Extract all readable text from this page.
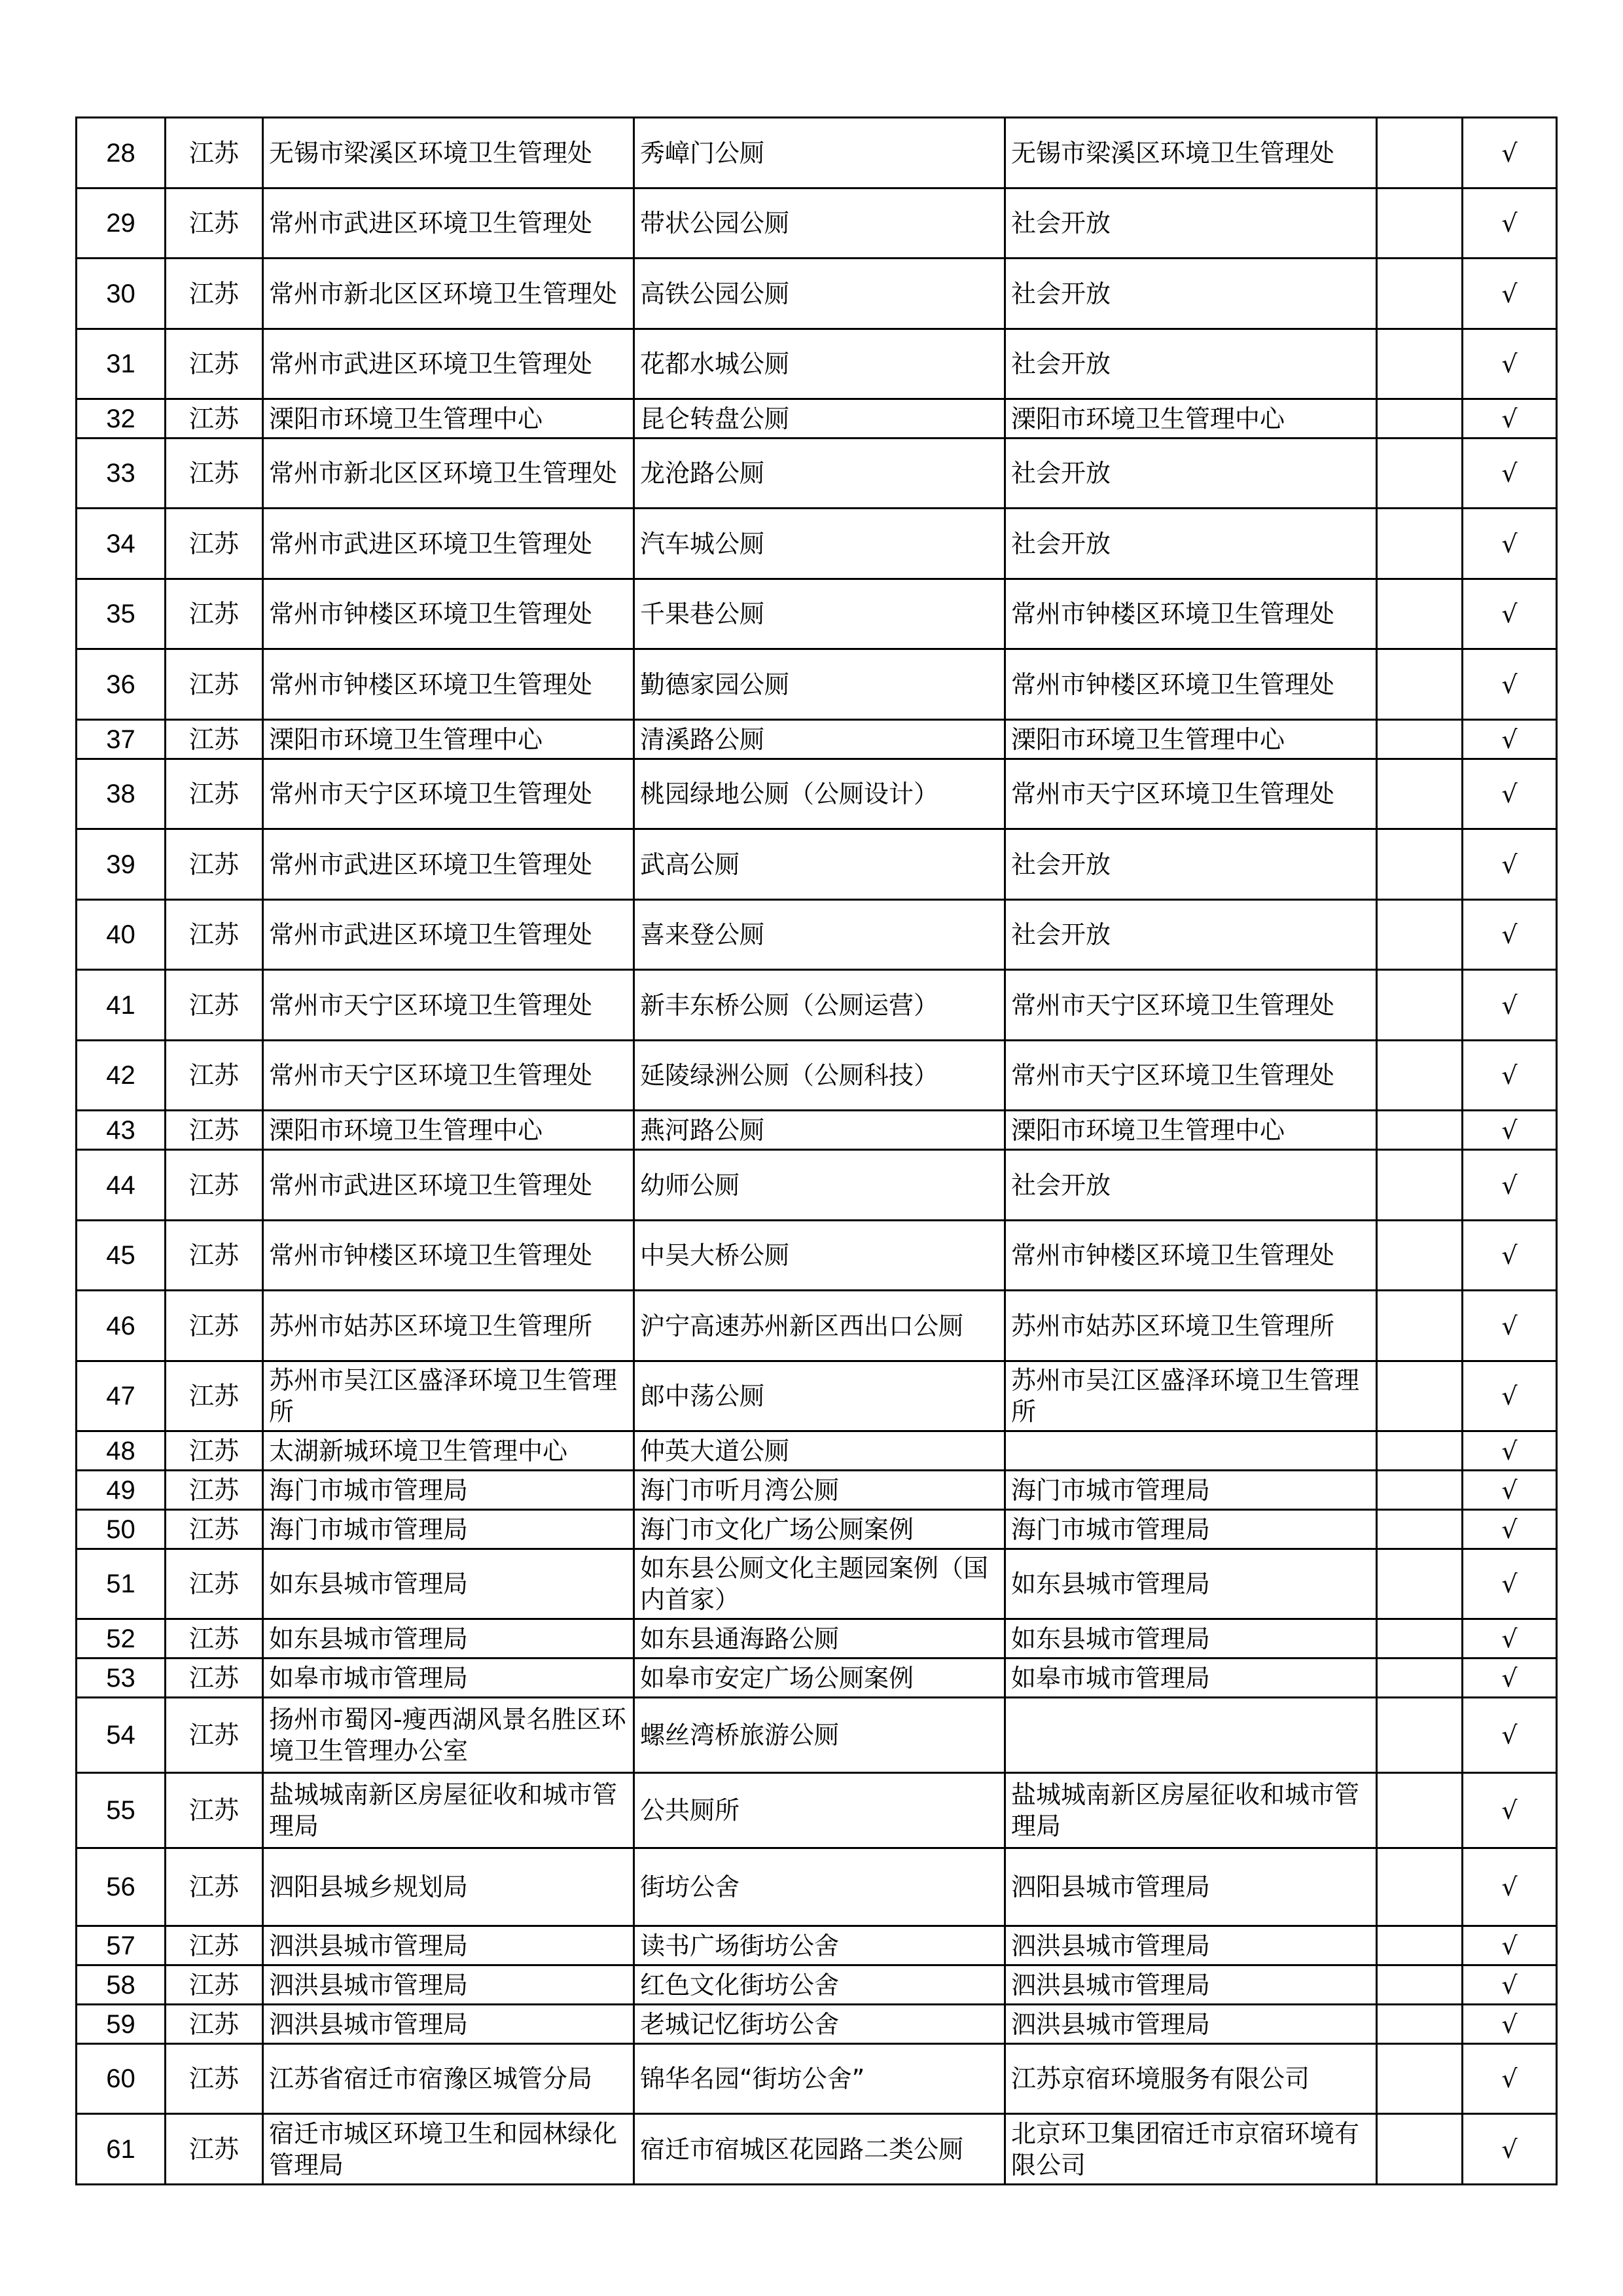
28	江苏	无锡市梁溪区环境卫生管理处	秀嶂门公厕	无锡市梁溪区环境卫生管理处		√
29	江苏	常州市武进区环境卫生管理处	带状公园公厕	社会开放		√
30	江苏	常州市新北区区环境卫生管理处	高铁公园公厕	社会开放		√
31	江苏	常州市武进区环境卫生管理处	花都水城公厕	社会开放		√
32	江苏	溧阳市环境卫生管理中心	昆仑转盘公厕	溧阳市环境卫生管理中心		√
33	江苏	常州市新北区区环境卫生管理处	龙沧路公厕	社会开放		√
34	江苏	常州市武进区环境卫生管理处	汽车城公厕	社会开放		√
35	江苏	常州市钟楼区环境卫生管理处	千果巷公厕	常州市钟楼区环境卫生管理处		√
36	江苏	常州市钟楼区环境卫生管理处	勤德家园公厕	常州市钟楼区环境卫生管理处		√
37	江苏	溧阳市环境卫生管理中心	清溪路公厕	溧阳市环境卫生管理中心		√
38	江苏	常州市天宁区环境卫生管理处	桃园绿地公厕（公厕设计）	常州市天宁区环境卫生管理处		√
39	江苏	常州市武进区环境卫生管理处	武高公厕	社会开放		√
40	江苏	常州市武进区环境卫生管理处	喜来登公厕	社会开放		√
41	江苏	常州市天宁区环境卫生管理处	新丰东桥公厕（公厕运营）	常州市天宁区环境卫生管理处		√
42	江苏	常州市天宁区环境卫生管理处	延陵绿洲公厕（公厕科技）	常州市天宁区环境卫生管理处		√
43	江苏	溧阳市环境卫生管理中心	燕河路公厕	溧阳市环境卫生管理中心		√
44	江苏	常州市武进区环境卫生管理处	幼师公厕	社会开放		√
45	江苏	常州市钟楼区环境卫生管理处	中吴大桥公厕	常州市钟楼区环境卫生管理处		√
46	江苏	苏州市姑苏区环境卫生管理所	沪宁高速苏州新区西出口公厕	苏州市姑苏区环境卫生管理所		√
47	江苏	苏州市吴江区盛泽环境卫生管理所	郎中荡公厕	苏州市吴江区盛泽环境卫生管理所		√
48	江苏	太湖新城环境卫生管理中心	仲英大道公厕			√
49	江苏	海门市城市管理局	海门市听月湾公厕	海门市城市管理局		√
50	江苏	海门市城市管理局	海门市文化广场公厕案例	海门市城市管理局		√
51	江苏	如东县城市管理局	如东县公厕文化主题园案例（国内首家）	如东县城市管理局		√
52	江苏	如东县城市管理局	如东县通海路公厕	如东县城市管理局		√
53	江苏	如皋市城市管理局	如皋市安定广场公厕案例	如皋市城市管理局		√
54	江苏	扬州市蜀冈-瘦西湖风景名胜区环境卫生管理办公室	螺丝湾桥旅游公厕			√
55	江苏	盐城城南新区房屋征收和城市管理局	公共厕所	盐城城南新区房屋征收和城市管理局		√
56	江苏	泗阳县城乡规划局	街坊公舍	泗阳县城市管理局		√
57	江苏	泗洪县城市管理局	读书广场街坊公舍	泗洪县城市管理局		√
58	江苏	泗洪县城市管理局	红色文化街坊公舍	泗洪县城市管理局		√
59	江苏	泗洪县城市管理局	老城记忆街坊公舍	泗洪县城市管理局		√
60	江苏	江苏省宿迁市宿豫区城管分局	锦华名园“街坊公舍”	江苏京宿环境服务有限公司		√
61	江苏	宿迁市城区环境卫生和园林绿化管理局	宿迁市宿城区花园路二类公厕	北京环卫集团宿迁市京宿环境有限公司		√
